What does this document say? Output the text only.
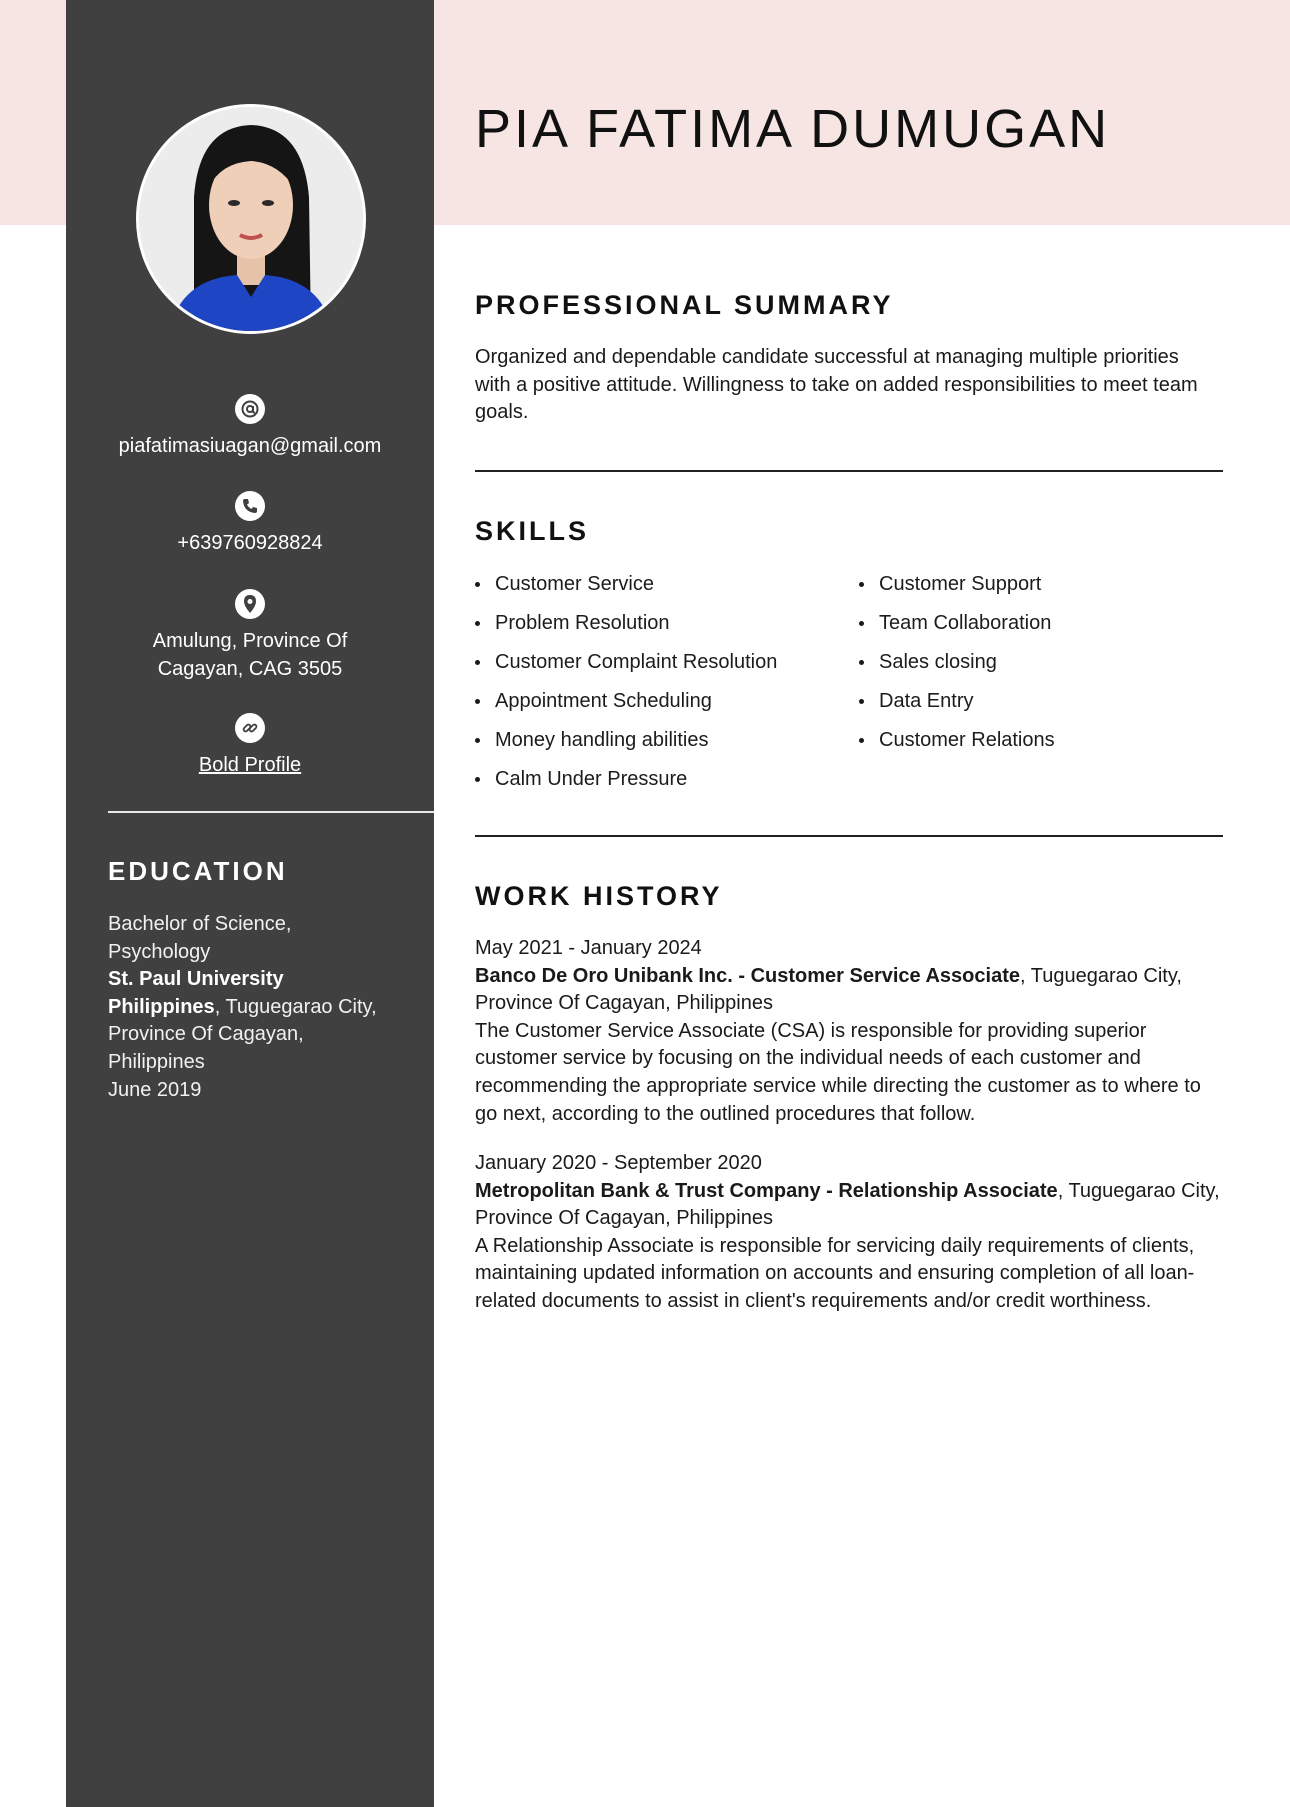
piafatimasiuagan@gmail.com
+639760928824
Amulung, Province Of
Cagayan, CAG 3505
Bold Profile
EDUCATION
Bachelor of Science,
Psychology
St. Paul University
Philippines, Tuguegarao City,
Province Of Cagayan,
Philippines
June 2019
PIA FATIMA DUMUGAN
PROFESSIONAL SUMMARY
Organized and dependable candidate successful at managing multiple priorities
with a positive attitude. Willingness to take on added responsibilities to meet team
goals.
SKILLS
Customer Service
Problem Resolution
Customer Complaint Resolution
Appointment Scheduling
Money handling abilities
Calm Under Pressure
Customer Support
Team Collaboration
Sales closing
Data Entry
Customer Relations
WORK HISTORY
May 2021 - January 2024
Banco De Oro Unibank Inc. - Customer Service Associate, Tuguegarao City,
Province Of Cagayan, Philippines
The Customer Service Associate (CSA) is responsible for providing superior
customer service by focusing on the individual needs of each customer and
recommending the appropriate service while directing the customer as to where to
go next, according to the outlined procedures that follow.
January 2020 - September 2020
Metropolitan Bank & Trust Company - Relationship Associate, Tuguegarao City,
Province Of Cagayan, Philippines
A Relationship Associate is responsible for servicing daily requirements of clients,
maintaining updated information on accounts and ensuring completion of all loan-
related documents to assist in client's requirements and/or credit worthiness.
